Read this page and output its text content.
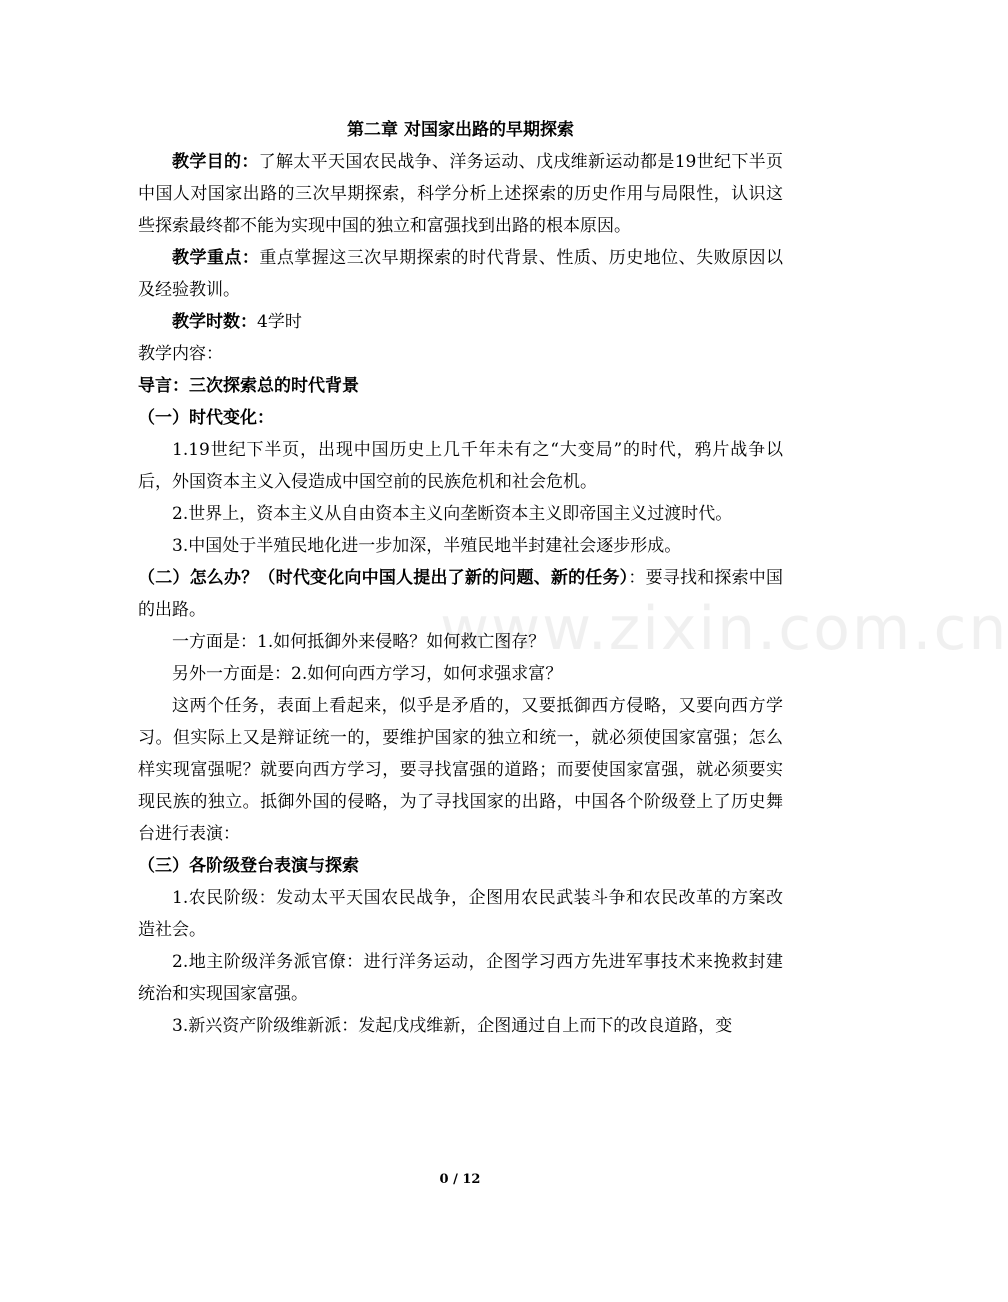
www.zixin.com.cn
第二章 对国家出路的早期探索

教学目的：了解太平天国农民战争、洋务运动、戊戌维新运动都是19世纪下半页中国人对国家出路的三次早期探索，科学分析上述探索的历史作用与局限性，认识这些探索最终都不能为实现中国的独立和富强找到出路的根本原因。

教学重点：重点掌握这三次早期探索的时代背景、性质、历史地位、失败原因以及经验教训。

教学时数：4学时

教学内容：

导言：三次探索总的时代背景

（一）时代变化：

1.19世纪下半页，出现中国历史上几千年未有之“大变局”的时代，鸦片战争以后，外国资本主义入侵造成中国空前的民族危机和社会危机。

2.世界上，资本主义从自由资本主义向垄断资本主义即帝国主义过渡时代。

3.中国处于半殖民地化进一步加深，半殖民地半封建社会逐步形成。

（二）怎么办？（时代变化向中国人提出了新的问题、新的任务）：要寻找和探索中国的出路。

一方面是：1.如何抵御外来侵略？如何救亡图存？

另外一方面是：2.如何向西方学习，如何求强求富？

这两个任务，表面上看起来，似乎是矛盾的，又要抵御西方侵略，又要向西方学习。但实际上又是辩证统一的，要维护国家的独立和统一，就必须使国家富强；怎么样实现富强呢？就要向西方学习，要寻找富强的道路；而要使国家富强，就必须要实现民族的独立。抵御外国的侵略，为了寻找国家的出路，中国各个阶级登上了历史舞台进行表演：

（三）各阶级登台表演与探索

1.农民阶级：发动太平天国农民战争，企图用农民武装斗争和农民改革的方案改造社会。

2.地主阶级洋务派官僚：进行洋务运动，企图学习西方先进军事技术来挽救封建统治和实现国家富强。

3.新兴资产阶级维新派：发起戊戌维新，企图通过自上而下的改良道路，变

0 / 12
